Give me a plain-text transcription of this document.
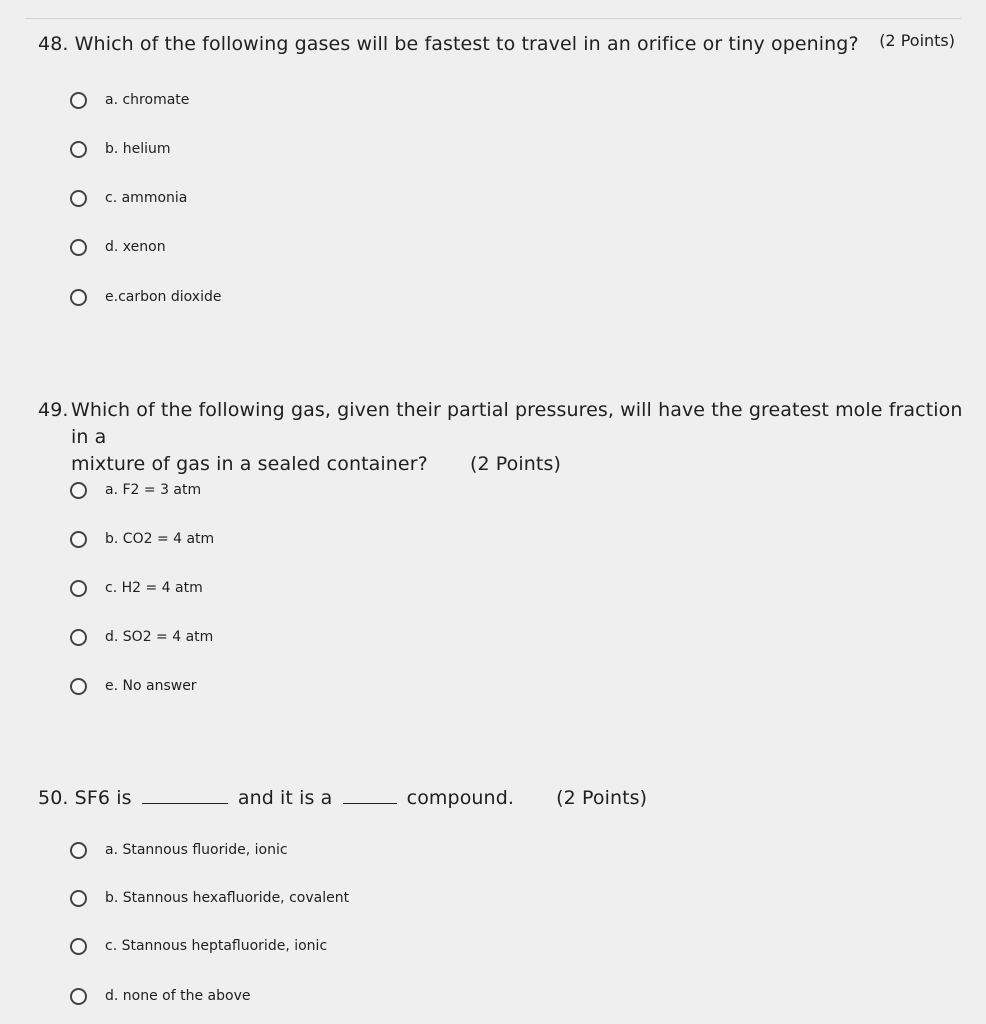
48. Which of the following gases will be fastest to travel in an orifice or tiny opening?	(2 Points)
a. chromate
b. helium
c. ammonia
d. xenon
e.carbon dioxide
49. Which of the following gas, given their partial pressures, will have the greatest mole fraction in a
mixture of gas in a sealed container? (2 Points)
a. F2 = 3 atm
b. CO2 = 4 atm
c. H2 = 4 atm
d. SO2 = 4 atm
e. No answer
50. SF6 is	and it is a	compound. (2 Points)
a. Stannous fluoride, ionic
b. Stannous hexafluoride, covalent
c. Stannous heptafluoride, ionic
d. none of the above
